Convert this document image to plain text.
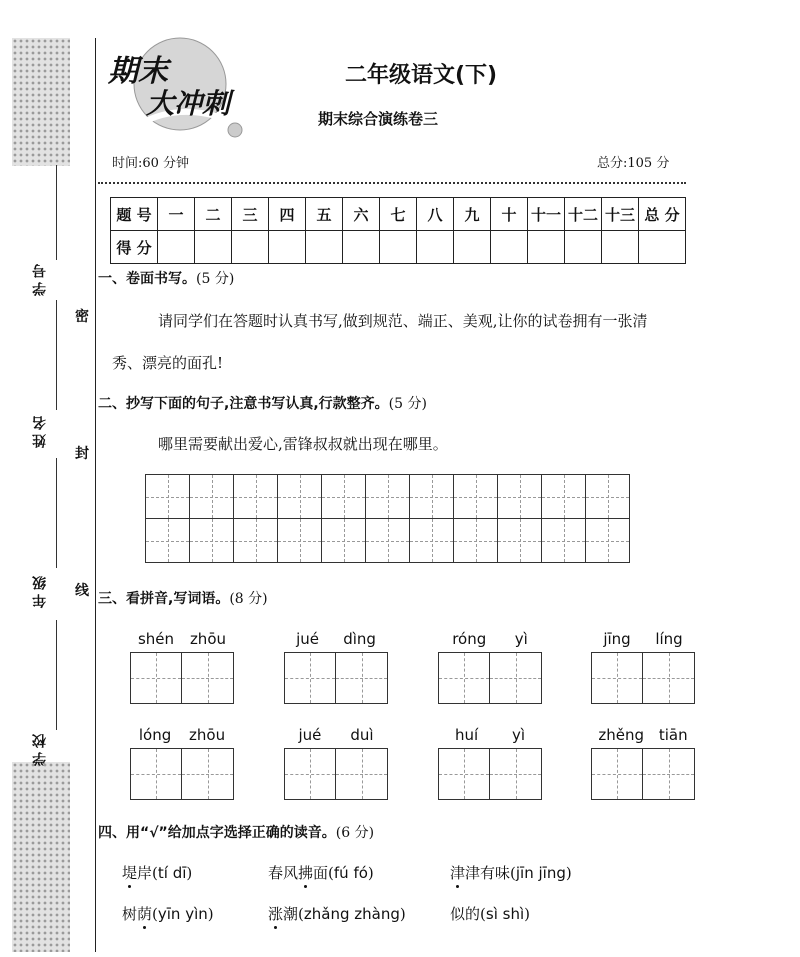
学号
姓名
年级
学校
密
封
线
期末
大冲刺
二年级语文(下)
期末综合演练卷三
时间:60 分钟	总分:105 分
题 号	一	二	三	四	五	六	七	八	九	十	十一	十二	十三	总 分
得 分														
一、卷面书写。(5 分)
请同学们在答题时认真书写,做到规范、端正、美观,让你的试卷拥有一张清
秀、漂亮的面孔!
二、抄写下面的句子,注意书写认真,行款整齐。(5 分)
哪里需要献出爱心,雷锋叔叔就出现在哪里。
三、看拼音,写词语。(8 分)
shén zhōu	jué dìng	róng yì	jīng líng
lóng zhōu	jué duì	huí yì	zhěng tiān
四、用“√”给加点字选择正确的读音。(6 分)
堤岸(tí dī)	春风拂面(fú fó)	津津有味(jīn jīng)
树荫(yīn yìn)	涨潮(zhǎng zhàng)	似的(sì shì)
